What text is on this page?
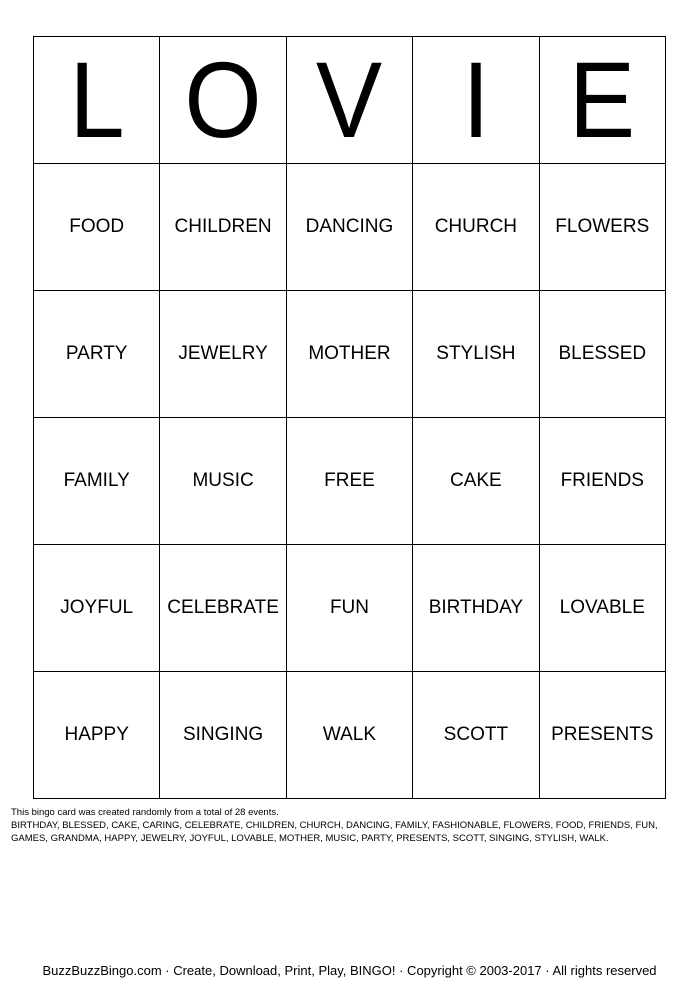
L	O	V	I	E
FOOD	CHILDREN	DANCING	CHURCH	FLOWERS
PARTY	JEWELRY	MOTHER	STYLISH	BLESSED
FAMILY	MUSIC	FREE	CAKE	FRIENDS
JOYFUL	CELEBRATE	FUN	BIRTHDAY	LOVABLE
HAPPY	SINGING	WALK	SCOTT	PRESENTS

This bingo card was created randomly from a total of 28 events.

BIRTHDAY, BLESSED, CAKE, CARING, CELEBRATE, CHILDREN, CHURCH, DANCING, FAMILY, FASHIONABLE, FLOWERS, FOOD, FRIENDS, FUN,

GAMES, GRANDMA, HAPPY, JEWELRY, JOYFUL, LOVABLE, MOTHER, MUSIC, PARTY, PRESENTS, SCOTT, SINGING, STYLISH, WALK.

BuzzBuzzBingo.com · Create, Download, Print, Play, BINGO! · Copyright © 2003-2017 · All rights reserved
